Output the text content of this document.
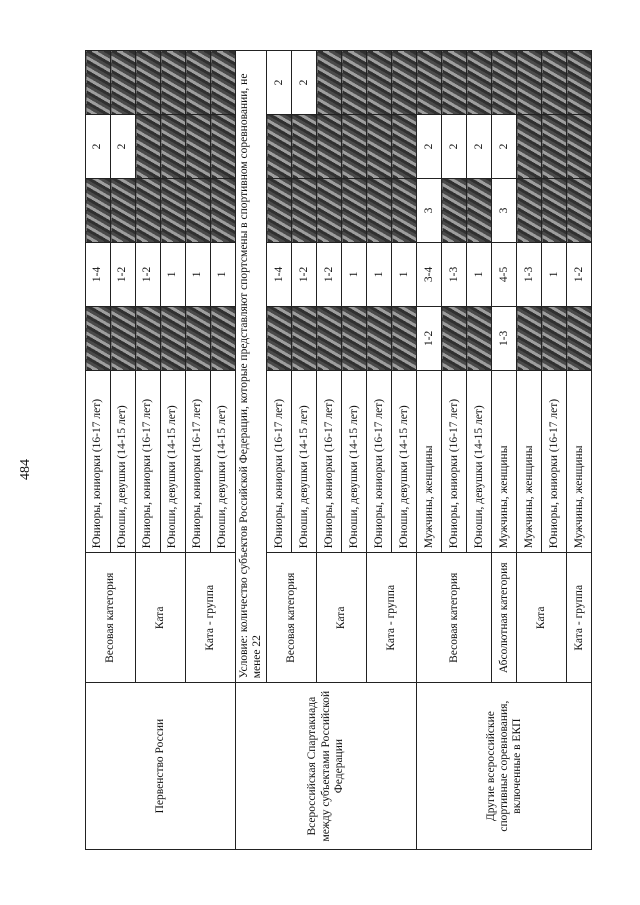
484
Первенство России	Весовая категория	Юниоры, юниорки (16-17 лет)		1-4		2	
		Юноши, девушки (14-15 лет)		1-2		2	
	Ката	Юниоры, юниорки (16-17 лет)		1-2			
		Юноши, девушки (14-15 лет)		1			
	Ката - группа	Юниоры, юниорки (16-17 лет)		1			
		Юноши, девушки (14-15 лет)		1			
Всероссийская Спартакиада между субъектами Российской Федерации	Условие: количество субъектов Российской Федерации, которые представляют спортсмены в спортивном соревновании, не менее 22						
	Весовая категория	Юниоры, юниорки (16-17 лет)		1-4			2
		Юноши, девушки (14-15 лет)		1-2			2
	Ката	Юниоры, юниорки (16-17 лет)		1-2			
		Юноши, девушки (14-15 лет)		1			
	Ката - группа	Юниоры, юниорки (16-17 лет)		1			
		Юноши, девушки (14-15 лет)		1			
Другие всероссийские спортивные соревнования, включенные в ЕКП	Весовая категория	Мужчины, женщины	1-2	3-4	3	2	
		Юниоры, юниорки (16-17 лет)		1-3		2	
		Юноши, девушки (14-15 лет)		1		2	
	Абсолютная категория	Мужчины, женщины	1-3	4-5	3	2	
	Ката	Мужчины, женщины		1-3			
		Юниоры, юниорки (16-17 лет)		1			
	Ката - группа	Мужчины, женщины		1-2			
